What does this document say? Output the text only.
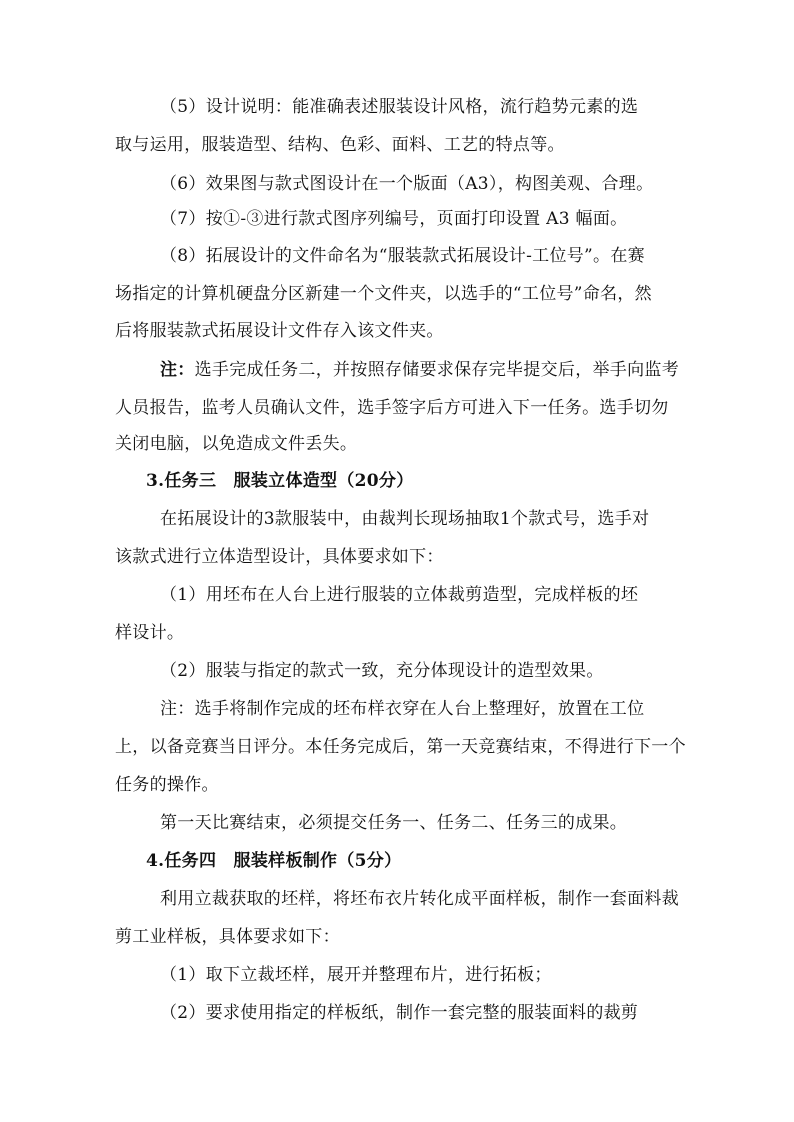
（5）设计说明：能准确表述服装设计风格，流行趋势元素的选
取与运用，服装造型、结构、色彩、面料、工艺的特点等。
（6）效果图与款式图设计在一个版面（A3），构图美观、合理。
（7）按①-③进行款式图序列编号，页面打印设置 A3 幅面。
（8）拓展设计的文件命名为“服装款式拓展设计-工位号”。在赛
场指定的计算机硬盘分区新建一个文件夹，以选手的“工位号”命名，然
后将服装款式拓展设计文件存入该文件夹。
注：选手完成任务二，并按照存储要求保存完毕提交后，举手向监考
人员报告，监考人员确认文件，选手签字后方可进入下一任务。选手切勿
关闭电脑，以免造成文件丢失。
3.任务三　服装立体造型（20分）
在拓展设计的3款服装中，由裁判长现场抽取1个款式号，选手对
该款式进行立体造型设计，具体要求如下：
（1）用坯布在人台上进行服装的立体裁剪造型，完成样板的坯
样设计。
（2）服装与指定的款式一致，充分体现设计的造型效果。
注：选手将制作完成的坯布样衣穿在人台上整理好，放置在工位
上，以备竞赛当日评分。本任务完成后，第一天竞赛结束，不得进行下一个
任务的操作。
第一天比赛结束，必须提交任务一、任务二、任务三的成果。
4.任务四　服装样板制作（5分）
利用立裁获取的坯样，将坯布衣片转化成平面样板，制作一套面料裁
剪工业样板，具体要求如下：
（1）取下立裁坯样，展开并整理布片，进行拓板；
（2）要求使用指定的样板纸，制作一套完整的服装面料的裁剪
